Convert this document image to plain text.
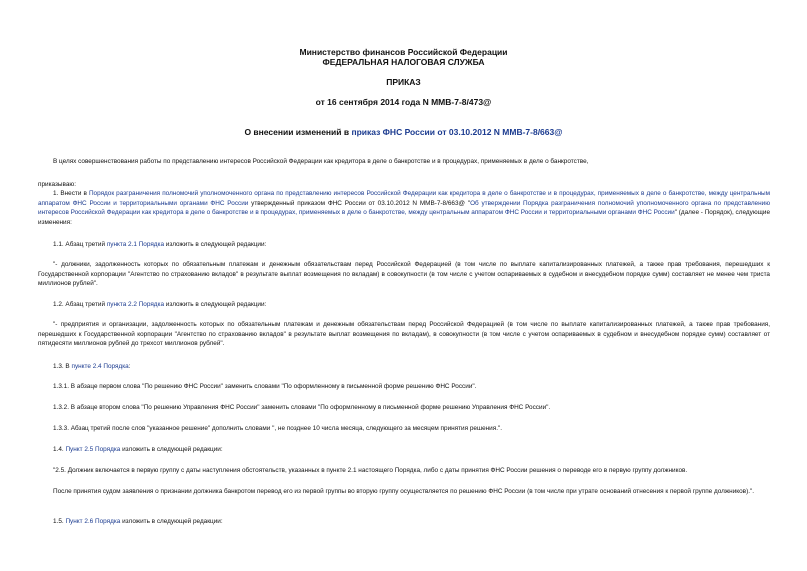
Министерство финансов Российской Федерации
ФЕДЕРАЛЬНАЯ НАЛОГОВАЯ СЛУЖБА
ПРИКАЗ
от 16 сентября 2014 года N ММВ-7-8/473@
О внесении изменений в приказ ФНС России от 03.10.2012 N ММВ-7-8/663@
В целях совершенствования работы по представлению интересов Российской Федерации как кредитора в деле о банкротстве и в процедурах, применяемых в деле о банкротстве,
приказываю:
1. Внести в Порядок разграничения полномочий уполномоченного органа по представлению интересов Российской Федерации как кредитора в деле о банкротстве и в процедурах, применяемых в деле о банкротстве, между центральным аппаратом ФНС России и территориальными органами ФНС России утвержденный приказом ФНС России от 03.10.2012 N ММВ-7-8/663@ "Об утверждении Порядка разграничения полномочий уполномоченного органа по представлению интересов Российской Федерации как кредитора в деле о банкротстве и в процедурах, применяемых в деле о банкротстве, между центральным аппаратом ФНС России и территориальными органами ФНС России" (далее - Порядок), следующие изменения:
1.1. Абзац третий пункта 2.1 Порядка изложить в следующей редакции:
"- должники, задолженность которых по обязательным платежам и денежным обязательствам перед Российской Федерацией (в том числе по выплате капитализированных платежей, а также прав требования, перешедших к Государственной корпорации "Агентство по страхованию вкладов" в результате выплат возмещения по вкладам) в совокупности (в том числе с учетом оспариваемых в судебном и внесудебном порядке сумм) составляет не менее чем триста миллионов рублей".
1.2. Абзац третий пункта 2.2 Порядка изложить в следующей редакции:
"- предприятия и организации, задолженность которых по обязательным платежам и денежным обязательствам перед Российской Федерацией (в том числе по выплате капитализированных платежей, а также прав требования, перешедших к Государственной корпорации "Агентство по страхованию вкладов" в результате выплат возмещения по вкладам), в совокупности (в том числе с учетом оспариваемых в судебном и внесудебном порядке сумм) составляет от пятидесяти миллионов рублей до трехсот миллионов рублей".
1.3. В пункте 2.4 Порядка:
1.3.1. В абзаце первом слова "По решению ФНС России" заменить словами "По оформленному в письменной форме решению ФНС России".
1.3.2. В абзаце втором слова "По решению Управления ФНС России" заменить словами "По оформленному в письменной форме решению Управления ФНС России".
1.3.3. Абзац третий после слов "указанное решение" дополнить словами ", не позднее 10 числа месяца, следующего за месяцем принятия решения.".
1.4. Пункт 2.5 Порядка изложить в следующей редакции:
"2.5. Должник включается в первую группу с даты наступления обстоятельств, указанных в пункте 2.1 настоящего Порядка, либо с даты принятия ФНС России решения о переводе его в первую группу должников.
После принятия судом заявления о признании должника банкротом перевод его из первой группы во вторую группу осуществляется по решению ФНС России (в том числе при утрате оснований отнесения к первой группе должников).".
1.5. Пункт 2.6 Порядка изложить в следующей редакции:
